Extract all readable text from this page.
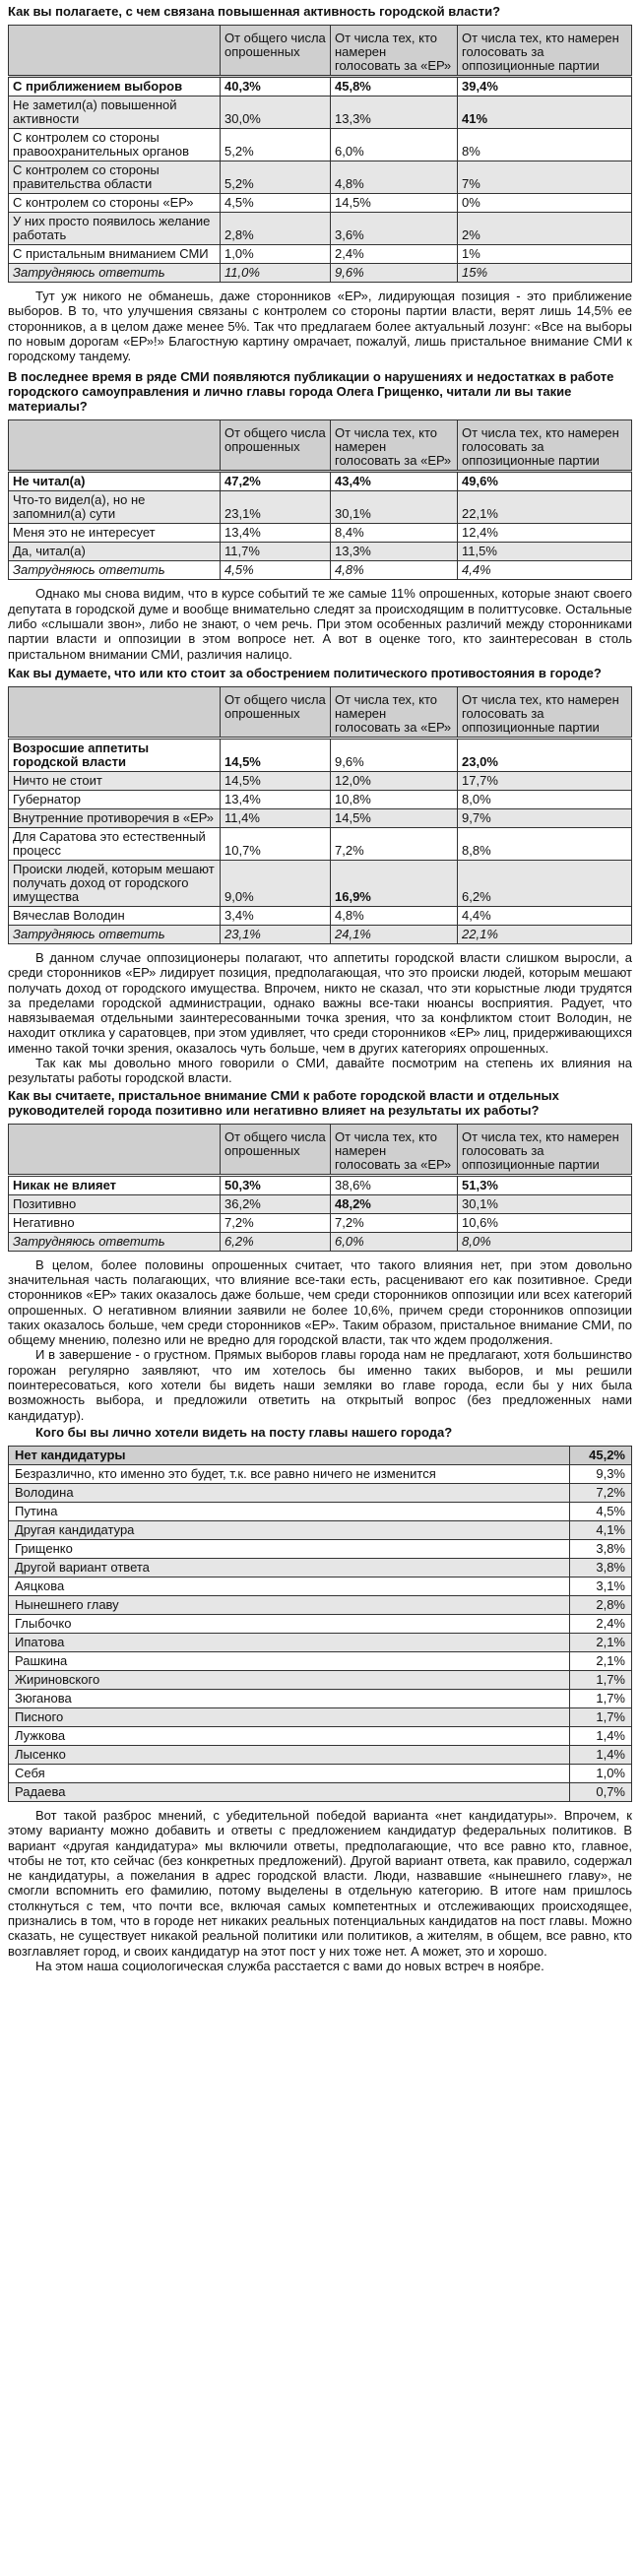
Как вы полагаете, с чем связана повышенная активность городской власти?
	От общего числа опрошенных	От числа тех, кто намерен голосовать за «ЕР»	От числа тех, кто намерен голосовать за оппозиционные партии
С приближением выборов	40,3%	45,8%	39,4%
Не заметил(а) повышенной активности	30,0%	13,3%	41%
С контролем со стороны правоохранительных органов	5,2%	6,0%	8%
С контролем со стороны правительства области	5,2%	4,8%	7%
С контролем со стороны «ЕР»	4,5%	14,5%	0%
У них просто появилось желание работать	2,8%	3,6%	2%
С пристальным вниманием СМИ	1,0%	2,4%	1%
Затрудняюсь ответить	11,0%	9,6%	15%

Тут уж никого не обманешь, даже сторонников «ЕР», лидирующая позиция - это приближение выборов. В то, что улучшения связаны с контролем со стороны партии власти, верят лишь 14,5% ее сторонников, а в целом даже менее 5%. Так что предлагаем более актуальный лозунг: «Все на выборы по новым дорогам «ЕР»!» Благостную картину омрачает, пожалуй, лишь пристальное внимание СМИ к городскому тандему.

В последнее время в ряде СМИ появляются публикации о нарушениях и недостатках в работе городского самоуправления и лично главы города Олега Грищенко, читали ли вы такие материалы?
	От общего числа опрошенных	От числа тех, кто намерен голосовать за «ЕР»	От числа тех, кто намерен голосовать за оппозиционные партии
Не читал(а)	47,2%	43,4%	49,6%
Что-то видел(а), но не запомнил(а) сути	23,1%	30,1%	22,1%
Меня это не интересует	13,4%	8,4%	12,4%
Да, читал(а)	11,7%	13,3%	11,5%
Затрудняюсь ответить	4,5%	4,8%	4,4%

Однако мы снова видим, что в курсе событий те же самые 11% опрошенных, которые знают своего депутата в городской думе и вообще внимательно следят за происходящим в политтусовке. Остальные либо «слышали звон», либо не знают, о чем речь. При этом особенных различий между сторонниками партии власти и оппозиции в этом вопросе нет. А вот в оценке того, кто заинтересован в столь пристальном внимании СМИ, различия налицо.

Как вы думаете, что или кто стоит за обострением политического противостояния в городе?
	От общего числа опрошенных	От числа тех, кто намерен голосовать за «ЕР»	От числа тех, кто намерен голосовать за оппозиционные партии
Возросшие аппетиты городской власти	14,5%	9,6%	23,0%
Ничто не стоит	14,5%	12,0%	17,7%
Губернатор	13,4%	10,8%	8,0%
Внутренние противоречия в «ЕР»	11,4%	14,5%	9,7%
Для Саратова это естественный процесс	10,7%	7,2%	8,8%
Происки людей, которым мешают получать доход от городского имущества	9,0%	16,9%	6,2%
Вячеслав Володин	3,4%	4,8%	4,4%
Затрудняюсь ответить	23,1%	24,1%	22,1%

В данном случае оппозиционеры полагают, что аппетиты городской власти слишком выросли, а среди сторонников «ЕР» лидирует позиция, предполагающая, что это происки людей, которым мешают получать доход от городского имущества. Впрочем, никто не сказал, что эти корыстные люди трудятся за пределами городской администрации, однако важны все-таки нюансы восприятия. Радует, что навязываемая отдельными заинтересованными точка зрения, что за конфликтом стоит Володин, не находит отклика у саратовцев, при этом удивляет, что среди сторонников «ЕР» лиц, придерживающихся именно такой точки зрения, оказалось чуть больше, чем в других категориях опрошенных.

Так как мы довольно много говорили о СМИ, давайте посмотрим на степень их влияния на результаты работы городской власти.

Как вы считаете, пристальное внимание СМИ к работе городской власти и отдельных руководителей города позитивно или негативно влияет на результаты их работы?
	От общего числа опрошенных	От числа тех, кто намерен голосовать за «ЕР»	От числа тех, кто намерен голосовать за оппозиционные партии
Никак не влияет	50,3%	38,6%	51,3%
Позитивно	36,2%	48,2%	30,1%
Негативно	7,2%	7,2%	10,6%
Затрудняюсь ответить	6,2%	6,0%	8,0%

В целом, более половины опрошенных считает, что такого влияния нет, при этом довольно значительная часть полагающих, что влияние все-таки есть, расценивают его как позитивное. Среди сторонников «ЕР» таких оказалось даже больше, чем среди сторонников оппозиции или всех категорий опрошенных. О негативном влиянии заявили не более 10,6%, причем среди сторонников оппозиции таких оказалось больше, чем среди сторонников «ЕР». Таким образом, пристальное внимание СМИ, по общему мнению, полезно или не вредно для городской власти, так что ждем продолжения.

И в завершение - о грустном. Прямых выборов главы города нам не предлагают, хотя большинство горожан регулярно заявляют, что им хотелось бы именно таких выборов, и мы решили поинтересоваться, кого хотели бы видеть наши земляки во главе города, если бы у них была возможность выбора, и предложили ответить на открытый вопрос (без предложенных нами кандидатур).

Кого бы вы лично хотели видеть на посту главы нашего города?
Нет кандидатуры	45,2%
Безразлично, кто именно это будет, т.к. все равно ничего не изменится	9,3%
Володина	7,2%
Путина	4,5%
Другая кандидатура	4,1%
Грищенко	3,8%
Другой вариант ответа	3,8%
Аяцкова	3,1%
Нынешнего главу	2,8%
Глыбочко	2,4%
Ипатова	2,1%
Рашкина	2,1%
Жириновского	1,7%
Зюганова	1,7%
Писного	1,7%
Лужкова	1,4%
Лысенко	1,4%
Себя	1,0%
Радаева	0,7%

Вот такой разброс мнений, с убедительной победой варианта «нет кандидатуры». Впрочем, к этому варианту можно добавить и ответы с предложением кандидатур федеральных политиков. В вариант «другая кандидатура» мы включили ответы, предполагающие, что все равно кто, главное, чтобы не тот, кто сейчас (без конкретных предложений). Другой вариант ответа, как правило, содержал не кандидатуры, а пожелания в адрес городской власти. Люди, назвавшие «нынешнего главу», не смогли вспомнить его фамилию, потому выделены в отдельную категорию. В итоге нам пришлось столкнуться с тем, что почти все, включая самых компетентных и отслеживающих происходящее, признались в том, что в городе нет никаких реальных потенциальных кандидатов на пост главы. Можно сказать, не существует никакой реальной политики или политиков, а жителям, в общем, все равно, кто возглавляет город, и своих кандидатур на этот пост у них тоже нет. А может, это и хорошо.

На этом наша социологическая служба расстается с вами до новых встреч в ноябре.
